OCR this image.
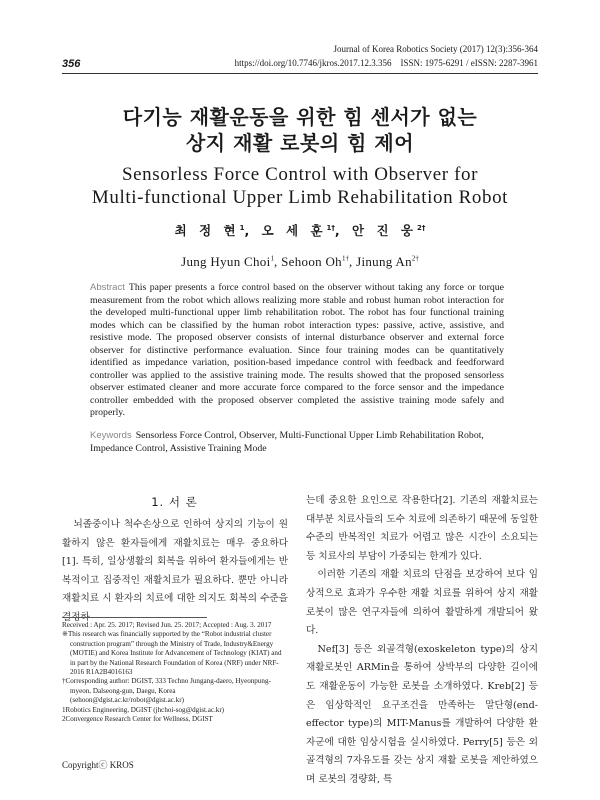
356
Journal of Korea Robotics Society (2017) 12(3):356-364
https://doi.org/10.7746/jkros.2017.12.3.356 ISSN: 1975-6291 / eISSN: 2287-3961
다기능 재활운동을 위한 힘 센서가 없는
상지 재활 로봇의 힘 제어
Sensorless Force Control with Observer for
Multi-functional Upper Limb Rehabilitation Robot
최 정 현$^1$, 오 세 훈$^{1\dagger}$, 안 진 웅$^{2\dagger}$
Jung Hyun Choi$^1$, Sehoon $Oh^{1\dagger}$, Jinung $An^{2\dagger}$
Abstract This paper presents a force control based on the observer without taking any force or torque measurement from the robot which allows realizing more stable and robust human robot interaction for the developed multi-functional upper limb rehabilitation robot. The robot has four functional training modes which can be classified by the human robot interaction types: passive, active, assistive, and resistive mode. The proposed observer consists of internal disturbance observer and external force observer for distinctive performance evaluation. Since four training modes can be quantitatively identified as impedance variation, position-based impedance control with feedback and feedforward controller was applied to the assistive training mode. The results showed that the proposed sensorless observer estimated cleaner and more accurate force compared to the force sensor and the impedance controller embedded with the proposed observer completed the assistive training mode safely and properly.
Keywords Sensorless Force Control, Observer, Multi-Functional Upper Limb Rehabilitation Robot, Impedance Control, Assistive Training Mode
1. 서 론

뇌졸중이나 척수손상으로 인하여 상지의 기능이 원활하지 않은 환자들에게 재활치료는 매우 중요하다[1]. 특히, 일상생활의 회복을 위하여 환자들에게는 반복적이고 집중적인 재활치료가 필요하다. 뿐만 아니라 재활치료 시 환자의 치료에 대한 의지도 회복의 수준을 결정하

는데 중요한 요인으로 작용한다[2]. 기존의 재활치료는 대부분 치료사들의 도수 치료에 의존하기 때문에 동일한 수준의 반복적인 치료가 어렵고 많은 시간이 소요되는 등 치료사의 부담이 가중되는 한계가 있다.

이러한 기존의 재활 치료의 단점을 보강하여 보다 임상적으로 효과가 우수한 재활 치료를 위하여 상지 재활 로봇이 많은 연구자들에 의하여 활발하게 개발되어 왔다.

Nef[3] 등은 외골격형(exoskeleton type)의 상지 재활로봇인 ARMin을 통하여 상박부의 다양한 길이에도 재활운동이 가능한 로봇을 소개하였다. Kreb[2] 등은 임상학적인 요구조건을 만족하는 말단형(end-effector type)의 MIT-Manus를 개발하여 다양한 환자군에 대한 임상시험을 실시하였다. Perry[5] 등은 외골격형의 7자유도를 갖는 상지 재활 로봇을 제안하였으며 로봇의 경량화, 특

Received : Apr. 25. 2017; Revised Jun. 25. 2017; Accepted : Aug. 3. 2017
※This research was financially supported by the “Robot industrial cluster construction program” through the Ministry of Trade, Industry&Energy (MOTIE) and Korea Institute for Advancement of Technology (KIAT) and in part by the National Research Foundation of Korea (NRF) under NRF-2016 R1A2B4016163
†Corresponding author: DGIST, 333 Techno Jungang-daero, Hyeonpung-myeon, Dalseong-gun, Daegu, Korea (sehoon@dgist.ac.kr/robot@dgist.ac.kr)
1Robotics Engineering, DGIST (jhchoi-sog@dgist.ac.kr)
2Convergence Research Center for Wellness, DGIST
Copyrightⓒ KROS
